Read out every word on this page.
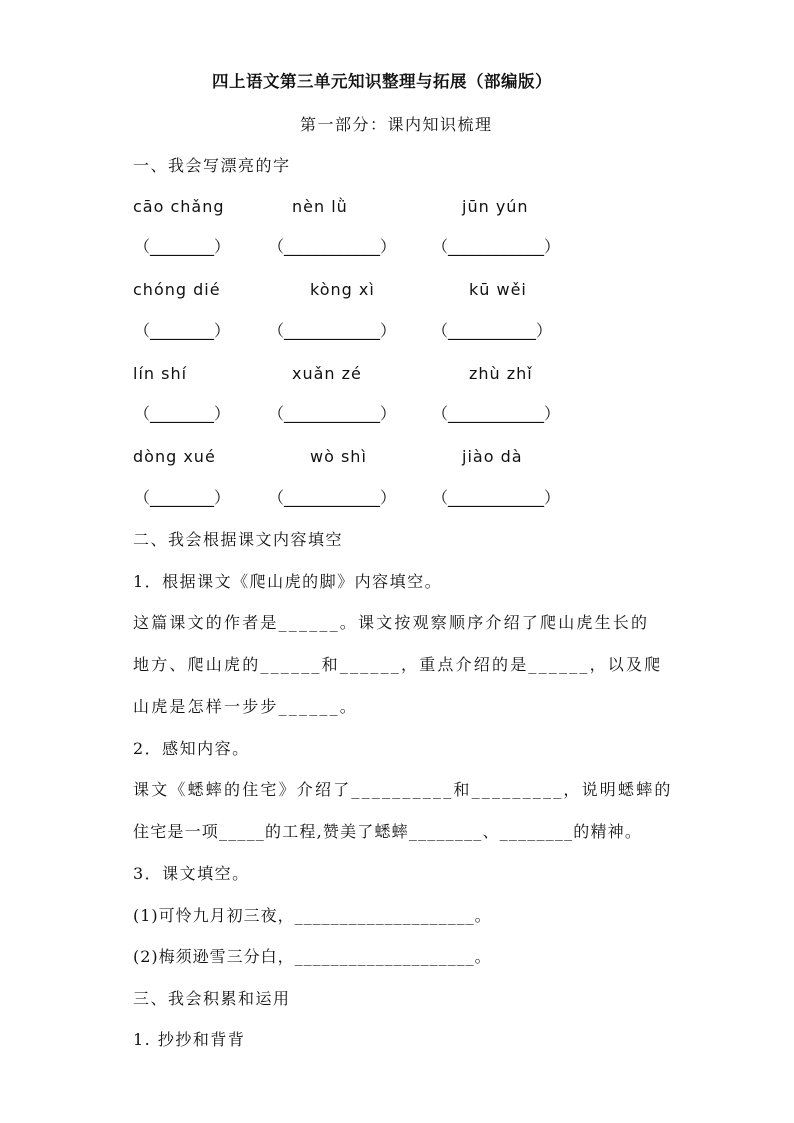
四上语文第三单元知识整理与拓展（部编版）
第一部分：课内知识梳理
一、我会写漂亮的字
cāo chǎng	nèn lǜ	jūn yún
（________） （____________） （____________）
chóng dié	kòng xì	kū wěi
（________） （____________） （___________）
lín shí	xuǎn zé	zhù zhǐ
（________） （____________） （____________）
dòng xué	wò shì	jiào dà
（________） （____________） （____________）
二、我会根据课文内容填空
1．根据课文《爬山虎的脚》内容填空。
这篇课文的作者是______。课文按观察顺序介绍了爬山虎生长的
地方、爬山虎的______和______，重点介绍的是______，以及爬
山虎是怎样一步步______。
2．感知内容。
课文《蟋蟀的住宅》介绍了__________和_________，说明蟋蟀的
住宅是一项_____的工程,赞美了蟋蟀________、________的精神。
3．课文填空。
(1)可怜九月初三夜，____________________。
(2)梅须逊雪三分白，____________________。
三、我会积累和运用
1. 抄抄和背背
